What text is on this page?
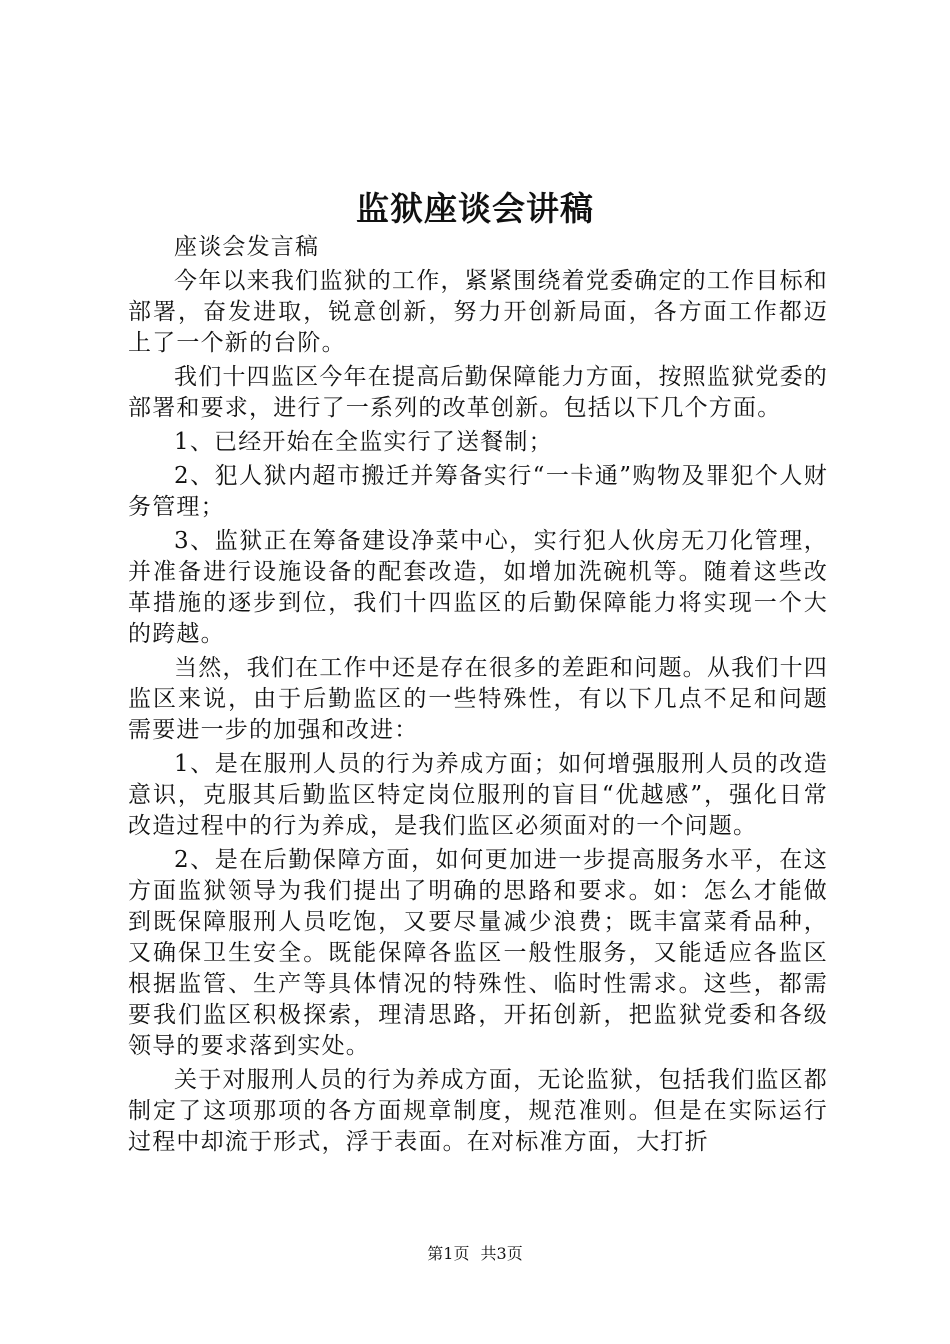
监狱座谈会讲稿

座谈会发言稿

今年以来我们监狱的工作，紧紧围绕着党委确定的工作目标和部署，奋发进取，锐意创新，努力开创新局面，各方面工作都迈上了一个新的台阶。

我们十四监区今年在提高后勤保障能力方面，按照监狱党委的部署和要求，进行了一系列的改革创新。包括以下几个方面。

1、已经开始在全监实行了送餐制；

2、犯人狱内超市搬迁并筹备实行“一卡通”购物及罪犯个人财务管理；

3、监狱正在筹备建设净菜中心，实行犯人伙房无刀化管理，并准备进行设施设备的配套改造，如增加洗碗机等。随着这些改革措施的逐步到位，我们十四监区的后勤保障能力将实现一个大的跨越。

当然，我们在工作中还是存在很多的差距和问题。从我们十四监区来说，由于后勤监区的一些特殊性，有以下几点不足和问题需要进一步的加强和改进：

1、是在服刑人员的行为养成方面；如何增强服刑人员的改造意识，克服其后勤监区特定岗位服刑的盲目“优越感”，强化日常改造过程中的行为养成，是我们监区必须面对的一个问题。

2、是在后勤保障方面，如何更加进一步提高服务水平，在这方面监狱领导为我们提出了明确的思路和要求。如：怎么才能做到既保障服刑人员吃饱，又要尽量减少浪费；既丰富菜肴品种，又确保卫生安全。既能保障各监区一般性服务，又能适应各监区根据监管、生产等具体情况的特殊性、临时性需求。这些，都需要我们监区积极探索，理清思路，开拓创新，把监狱党委和各级领导的要求落到实处。

关于对服刑人员的行为养成方面，无论监狱，包括我们监区都制定了这项那项的各方面规章制度，规范准则。但是在实际运行过程中却流于形式，浮于表面。在对标准方面，大打折

第1页 共3页
